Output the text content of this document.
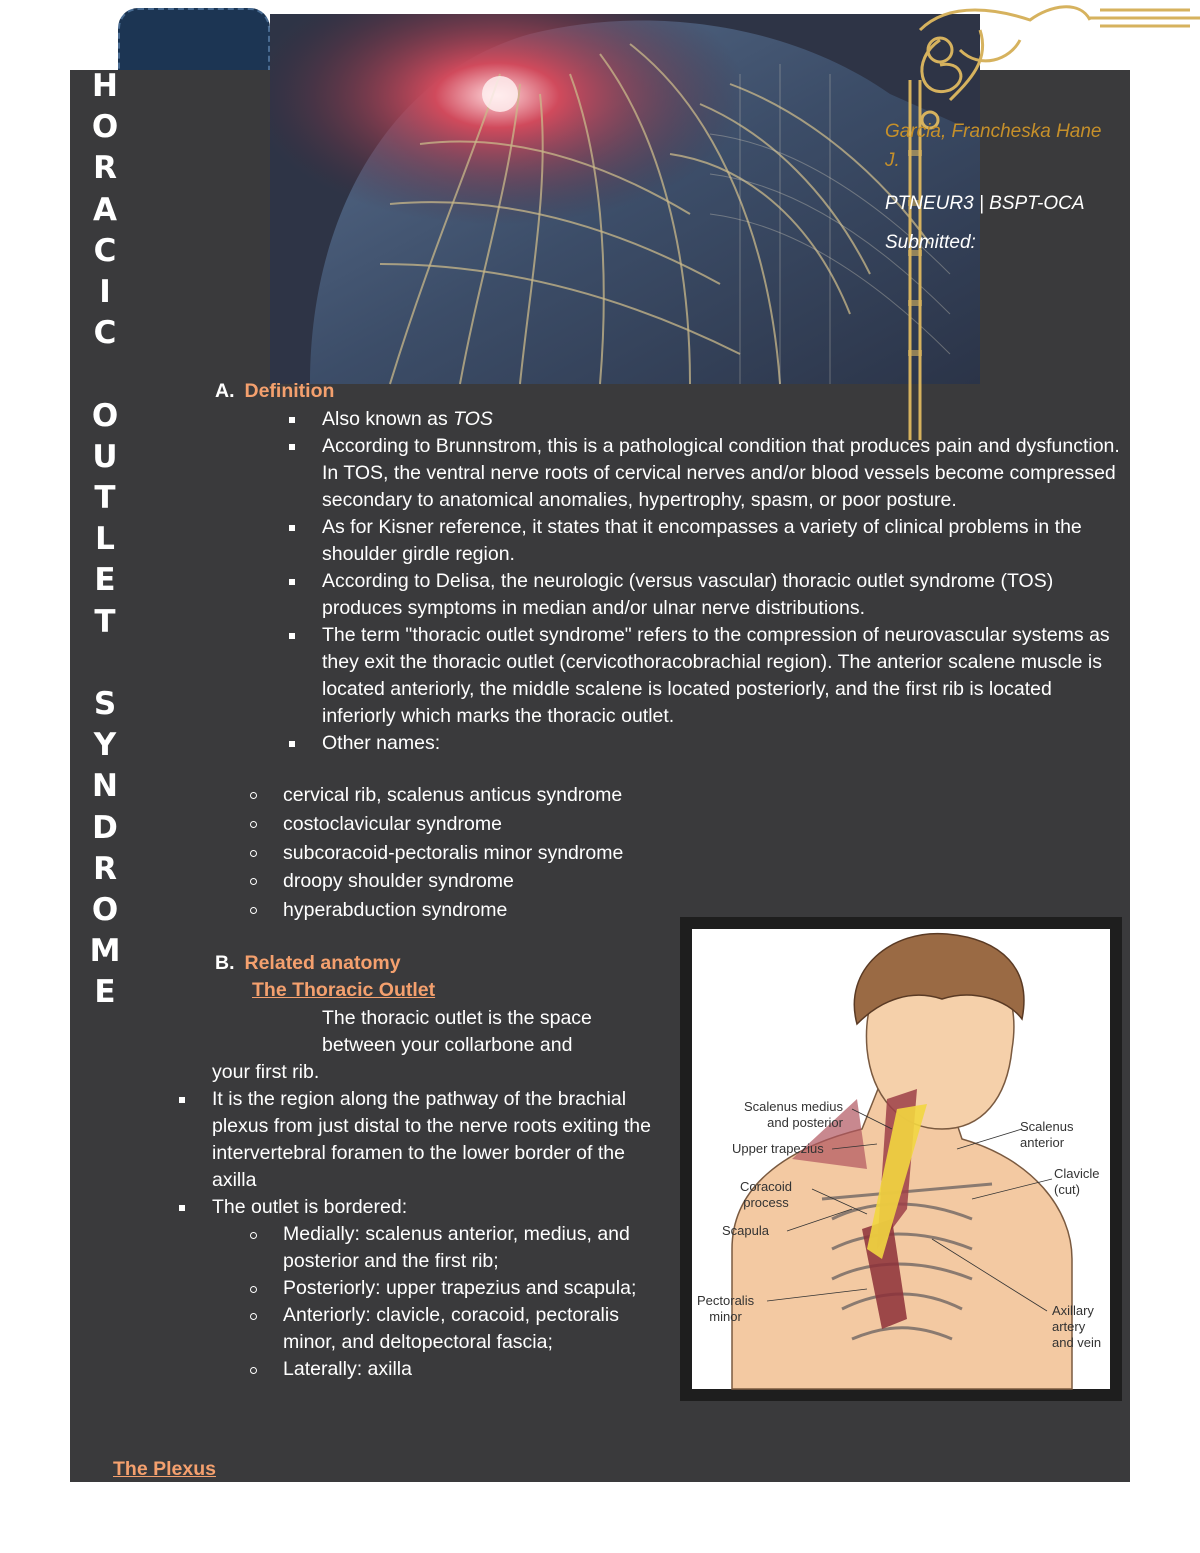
H
O
R
A
C
I
C

O
U
T
L
E
T

S
Y
N
D
R
O
M
E
Garcia, Francheska Hane J.
PTNEUR3 | BSPT-OCA
A. Definition
Also known as TOS
According to Brunnstrom, this is a pathological condition that produces pain and dysfunction. In TOS, the ventral nerve roots of cervical nerves and/or blood vessels become compressed secondary to anatomical anomalies, hypertrophy, spasm, or poor posture.
As for Kisner reference, it states that it encompasses a variety of clinical problems in the shoulder girdle region.
According to Delisa, the neurologic (versus vascular) thoracic outlet syndrome (TOS) produces symptoms in median and/or ulnar nerve distributions.
The term "thoracic outlet syndrome" refers to the compression of neurovascular systems as they exit the thoracic outlet (cervicothoracobrachial region). The anterior scalene muscle is located anteriorly, the middle scalene is located posteriorly, and the first rib is located inferiorly which marks the thoracic outlet.
Other names:
cervical rib, scalenus anticus syndrome
costoclavicular syndrome
subcoracoid-pectoralis minor syndrome
droopy shoulder syndrome
hyperabduction syndrome
B. Related anatomy
The Thoracic Outlet
The thoracic outlet is the space
between your collarbone and
your first rib.
It is the region along the pathway of the brachial plexus from just distal to the nerve roots exiting the intervertebral foramen to the lower border of the axilla
The outlet is bordered:
Medially: scalenus anterior, medius, and posterior and the first rib;
Posteriorly: upper trapezius and scapula;
Anteriorly: clavicle, coracoid, pectoralis minor, and deltopectoral fascia;
Laterally: axilla
The Plexus
Scalenus medius
and posterior
Upper trapezius
Coracoid
process
Scapula
Pectoralis
minor
Scalenus
anterior
Clavicle
(cut)
Axillary
artery
and vein
